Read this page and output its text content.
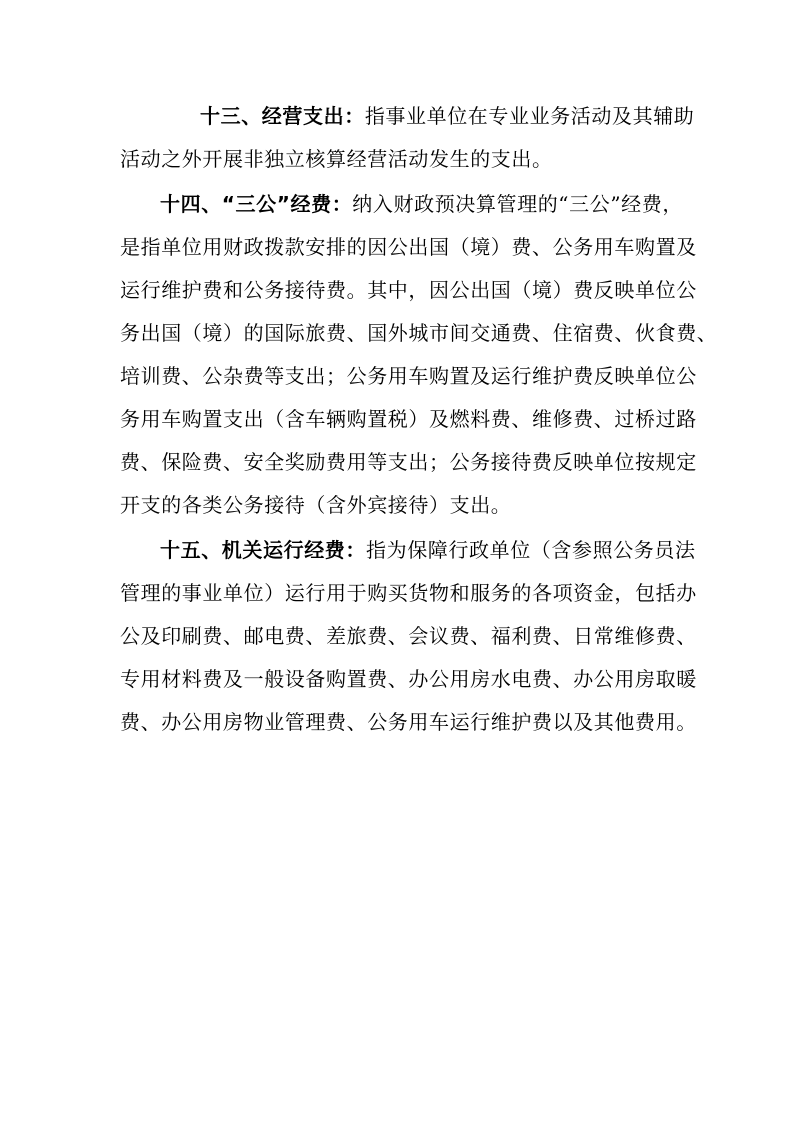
十三、经营支出：指事业单位在专业业务活动及其辅助
活动之外开展非独立核算经营活动发生的支出。
十四、“三公”经费：纳入财政预决算管理的“三公”经费，
是指单位用财政拨款安排的因公出国（境）费、公务用车购置及
运行维护费和公务接待费。其中，因公出国（境）费反映单位公
务出国（境）的国际旅费、国外城市间交通费、住宿费、伙食费、
培训费、公杂费等支出；公务用车购置及运行维护费反映单位公
务用车购置支出（含车辆购置税）及燃料费、维修费、过桥过路
费、保险费、安全奖励费用等支出；公务接待费反映单位按规定
开支的各类公务接待（含外宾接待）支出。
十五、机关运行经费：指为保障行政单位（含参照公务员法
管理的事业单位）运行用于购买货物和服务的各项资金，包括办
公及印刷费、邮电费、差旅费、会议费、福利费、日常维修费、
专用材料费及一般设备购置费、办公用房水电费、办公用房取暖
费、办公用房物业管理费、公务用车运行维护费以及其他费用。
